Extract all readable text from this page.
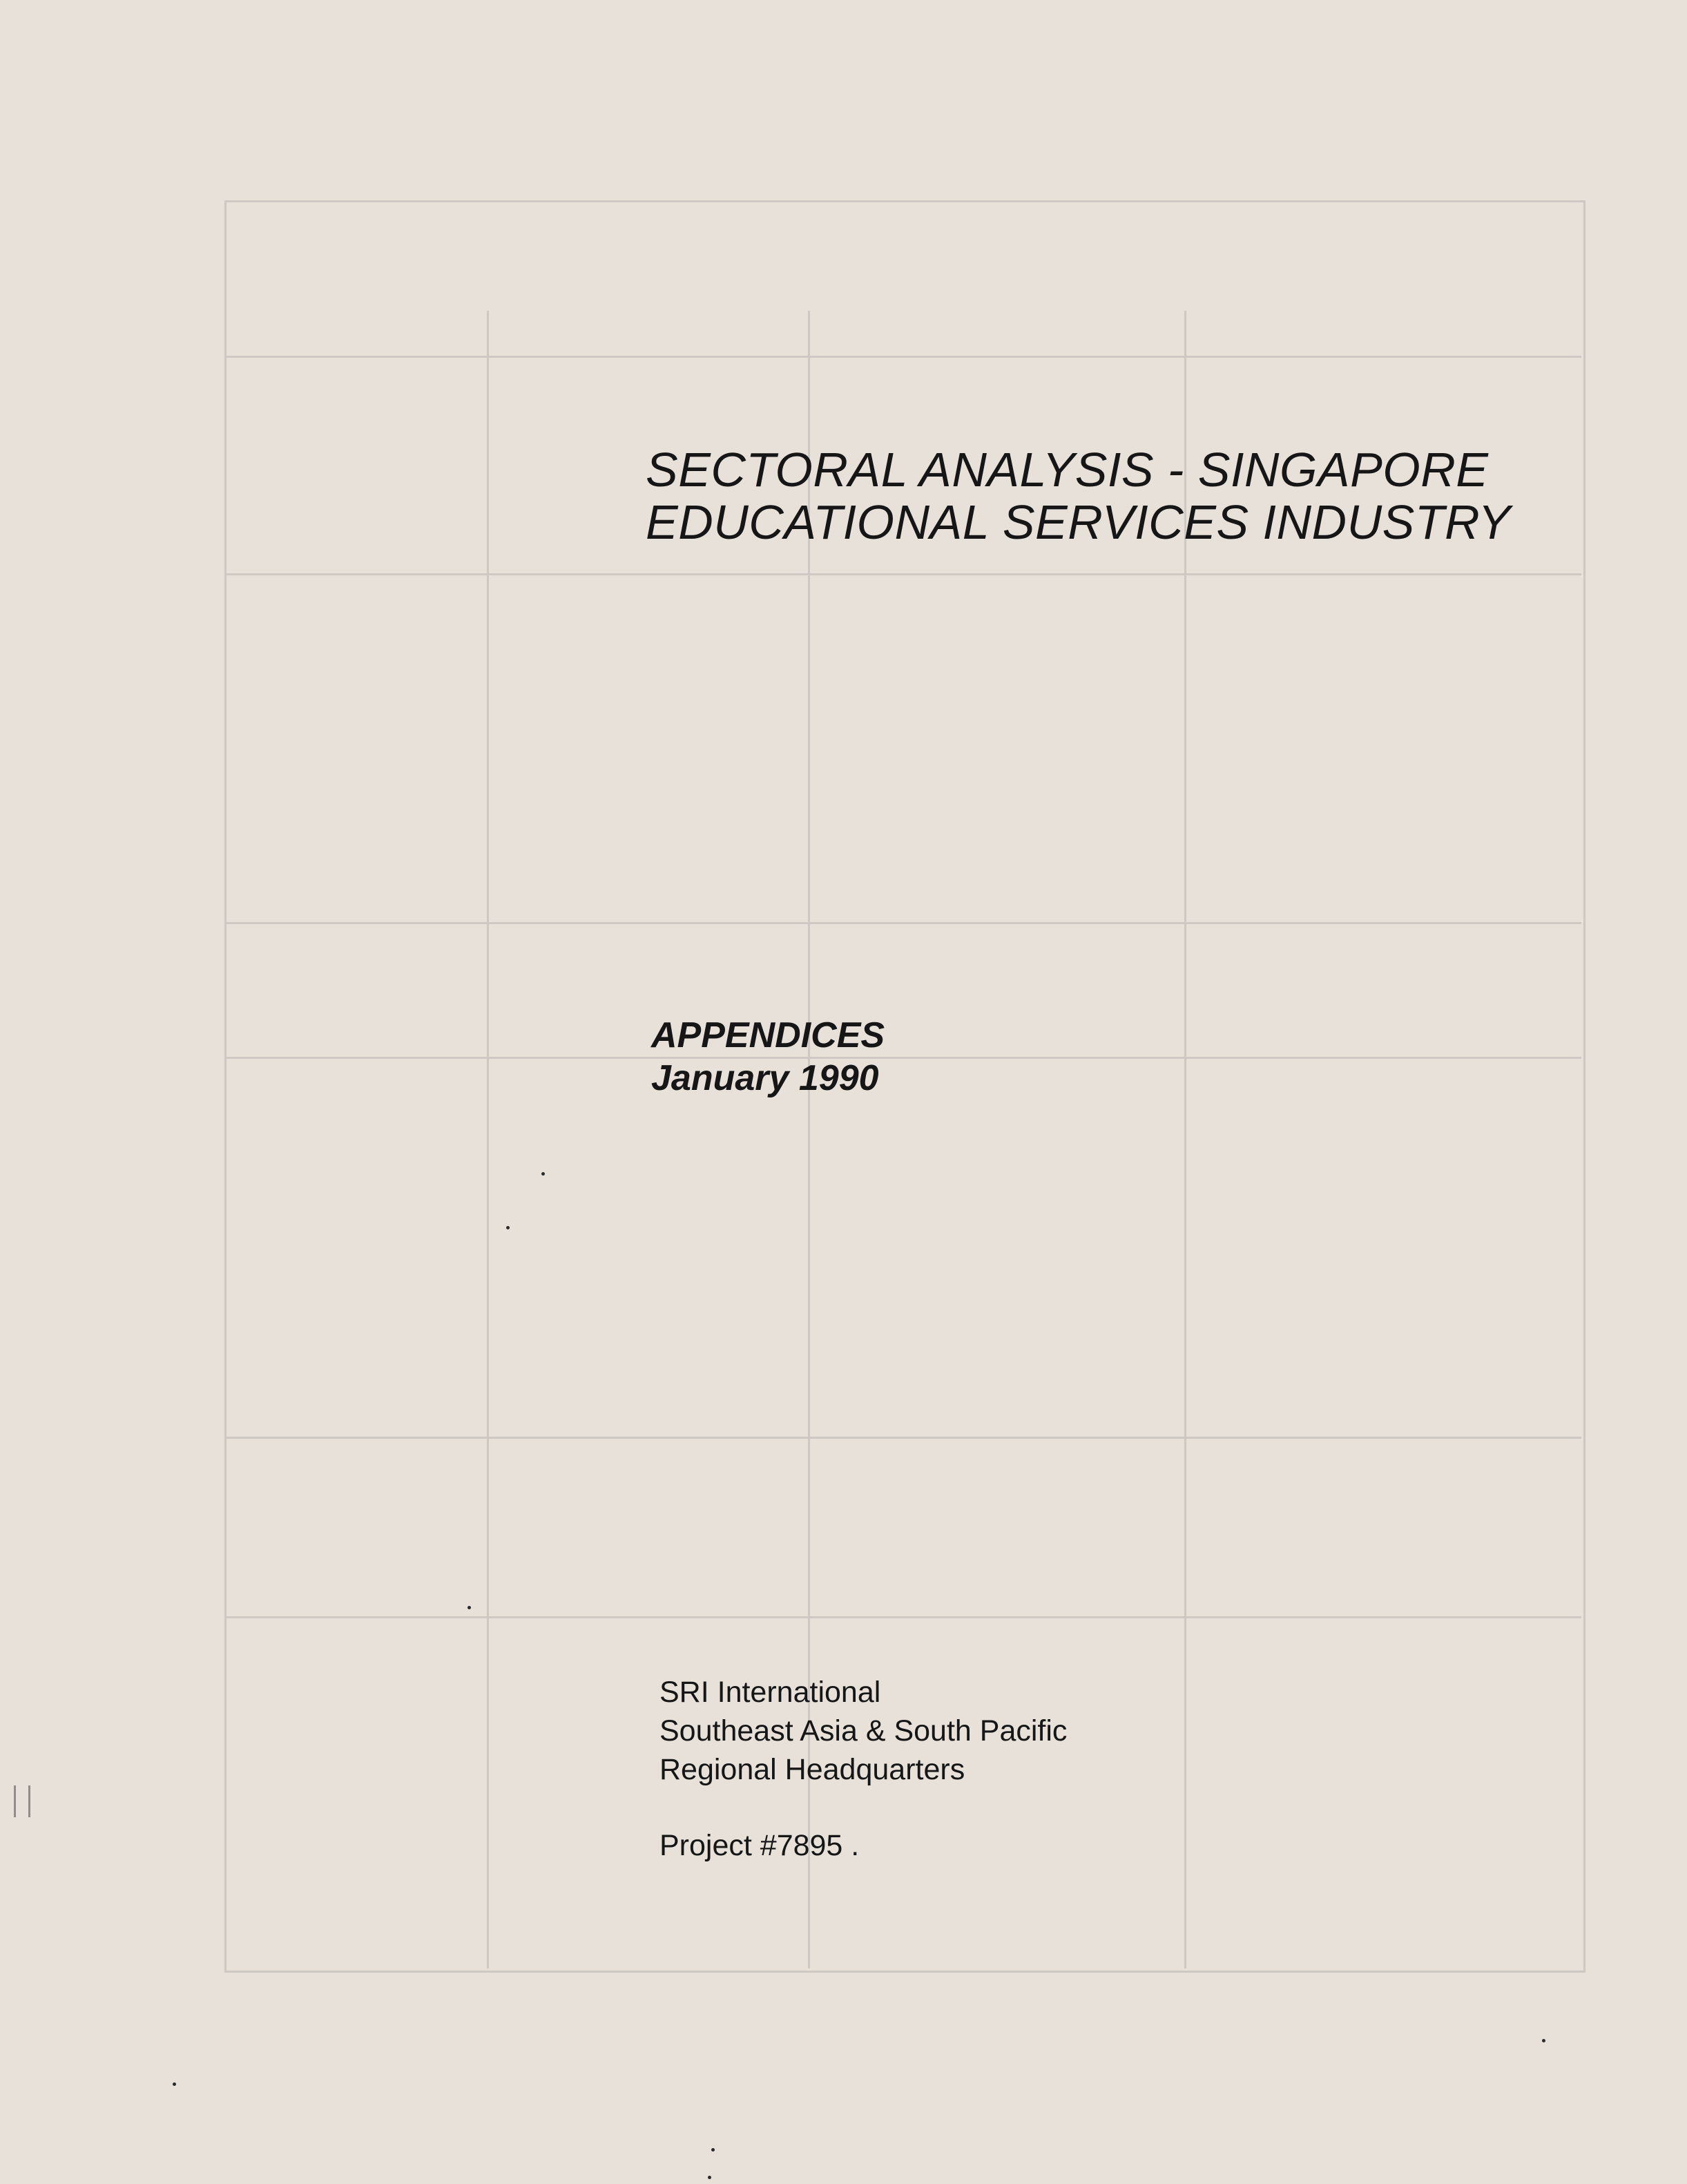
SECTORAL ANALYSIS - SINGAPORE
EDUCATIONAL SERVICES INDUSTRY
APPENDICES
January 1990
SRI International
Southeast Asia & South Pacific
Regional Headquarters
Project #7895 .
